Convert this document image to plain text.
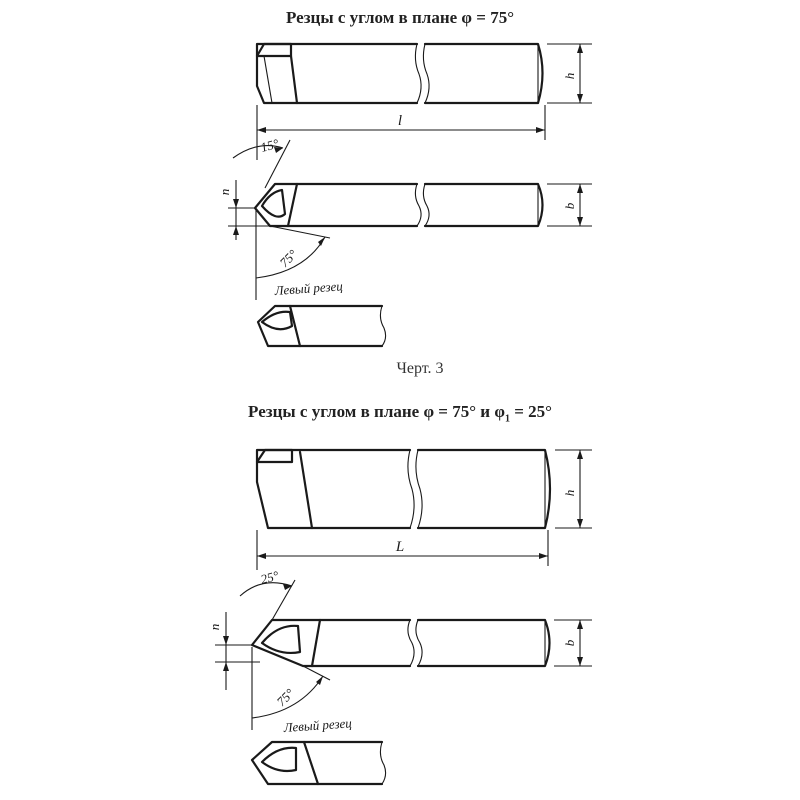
Резцы с углом в плане φ = 75°
Резцы с углом в плане φ = 75° и $\varphi_1 = 25^\circ$
Черт. 3
h
l
b
n
15°
75°
Левый резец
h
L
b
n
25°
75°
Левый резец
